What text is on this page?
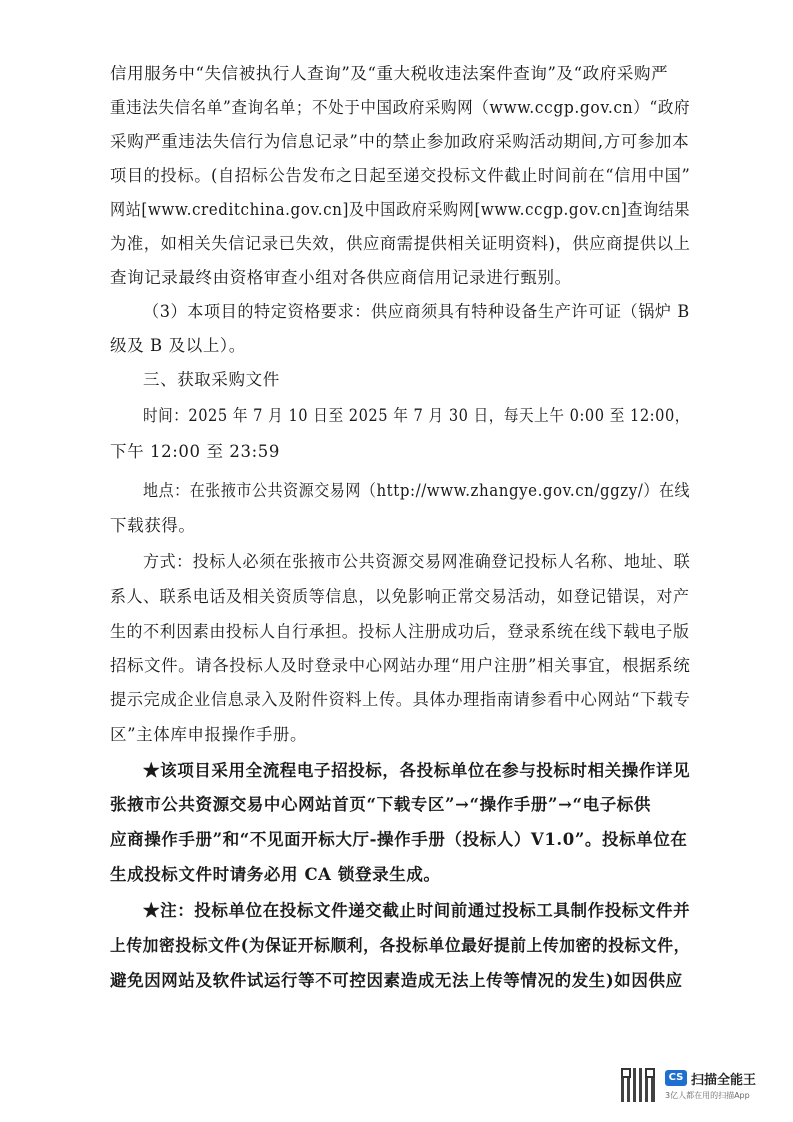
信用服务中“失信被执行人查询”及“重大税收违法案件查询”及“政府采购严
重违法失信名单”查询名单；不处于中国政府采购网（www.ccgp.gov.cn）“政府
采购严重违法失信行为信息记录”中的禁止参加政府采购活动期间,方可参加本
项目的投标。(自招标公告发布之日起至递交投标文件截止时间前在“信用中国”
网站[www.creditchina.gov.cn]及中国政府采购网[www.ccgp.gov.cn]查询结果
为准，如相关失信记录已失效，供应商需提供相关证明资料)，供应商提供以上
查询记录最终由资格审查小组对各供应商信用记录进行甄别。
（3）本项目的特定资格要求：供应商须具有特种设备生产许可证（锅炉 B
级及 B 及以上）。
三、获取采购文件
时间：2025 年 7 月 10 日至 2025 年 7 月 30 日，每天上午 0:00 至 12:00，
下午 12:00 至 23:59
地点：在张掖市公共资源交易网（http://www.zhangye.gov.cn/ggzy/）在线
下载获得。
方式：投标人必须在张掖市公共资源交易网准确登记投标人名称、地址、联
系人、联系电话及相关资质等信息，以免影响正常交易活动，如登记错误，对产
生的不利因素由投标人自行承担。投标人注册成功后，登录系统在线下载电子版
招标文件。请各投标人及时登录中心网站办理“用户注册”相关事宜，根据系统
提示完成企业信息录入及附件资料上传。具体办理指南请参看中心网站“下载专
区”主体库申报操作手册。
★该项目采用全流程电子招投标，各投标单位在参与投标时相关操作详见
张掖市公共资源交易中心网站首页“下载专区”→“操作手册”→“电子标供
应商操作手册”和“不见面开标大厅-操作手册（投标人）V1.0”。投标单位在
生成投标文件时请务必用 CA 锁登录生成。
★注：投标单位在投标文件递交截止时间前通过投标工具制作投标文件并
上传加密投标文件(为保证开标顺利，各投标单位最好提前上传加密的投标文件，
避免因网站及软件试运行等不可控因素造成无法上传等情况的发生)如因供应
CS 扫描全能王
3亿人都在用的扫描App
